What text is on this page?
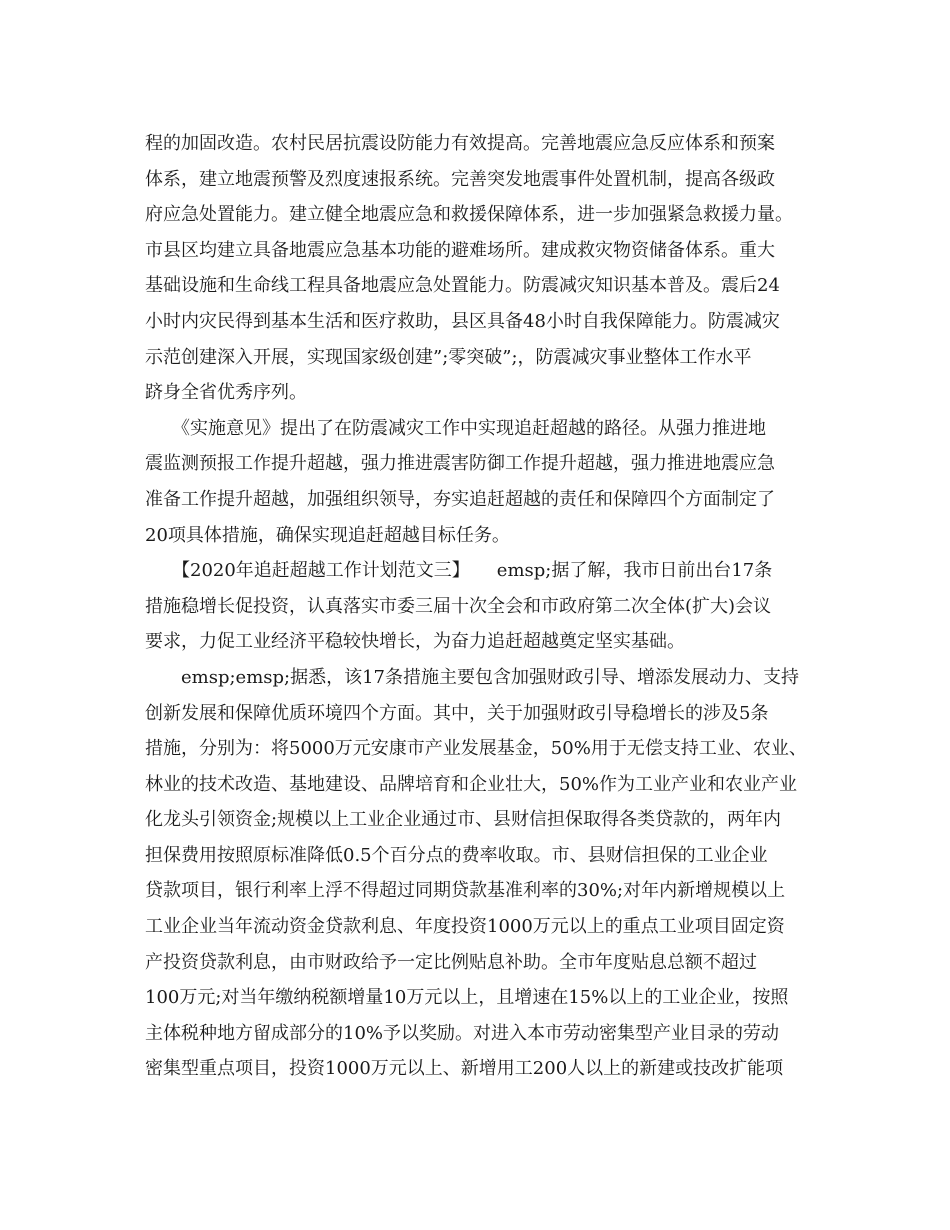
程的加固改造。农村民居抗震设防能力有效提高。完善地震应急反应体系和预案
体系，建立地震预警及烈度速报系统。完善突发地震事件处置机制，提高各级政
府应急处置能力。建立健全地震应急和救援保障体系，进一步加强紧急救援力量。
市县区均建立具备地震应急基本功能的避难场所。建成救灾物资储备体系。重大
基础设施和生命线工程具备地震应急处置能力。防震减灾知识基本普及。震后24
小时内灾民得到基本生活和医疗救助，县区具备48小时自我保障能力。防震减灾
示范创建深入开展，实现国家级创建”;零突破”;，防震减灾事业整体工作水平
跻身全省优秀序列。
　　《实施意见》提出了在防震减灾工作中实现追赶超越的路径。从强力推进地
震监测预报工作提升超越，强力推进震害防御工作提升超越，强力推进地震应急
准备工作提升超越，加强组织领导，夯实追赶超越的责任和保障四个方面制定了
20项具体措施，确保实现追赶超越目标任务。
　　【2020年追赶超越工作计划范文三】　　emsp;据了解，我市日前出台17条
措施稳增长促投资，认真落实市委三届十次全会和市政府第二次全体(扩大)会议
要求，力促工业经济平稳较快增长，为奋力追赶超越奠定坚实基础。
　　emsp;emsp;据悉，该17条措施主要包含加强财政引导、增添发展动力、支持
创新发展和保障优质环境四个方面。其中，关于加强财政引导稳增长的涉及5条
措施，分别为：将5000万元安康市产业发展基金，50%用于无偿支持工业、农业、
林业的技术改造、基地建设、品牌培育和企业壮大，50%作为工业产业和农业产业
化龙头引领资金;规模以上工业企业通过市、县财信担保取得各类贷款的，两年内
担保费用按照原标准降低0.5个百分点的费率收取。市、县财信担保的工业企业
贷款项目，银行利率上浮不得超过同期贷款基准利率的30%;对年内新增规模以上
工业企业当年流动资金贷款利息、年度投资1000万元以上的重点工业项目固定资
产投资贷款利息，由市财政给予一定比例贴息补助。全市年度贴息总额不超过
100万元;对当年缴纳税额增量10万元以上，且增速在15%以上的工业企业，按照
主体税种地方留成部分的10%予以奖励。对进入本市劳动密集型产业目录的劳动
密集型重点项目，投资1000万元以上、新增用工200人以上的新建或技改扩能项
